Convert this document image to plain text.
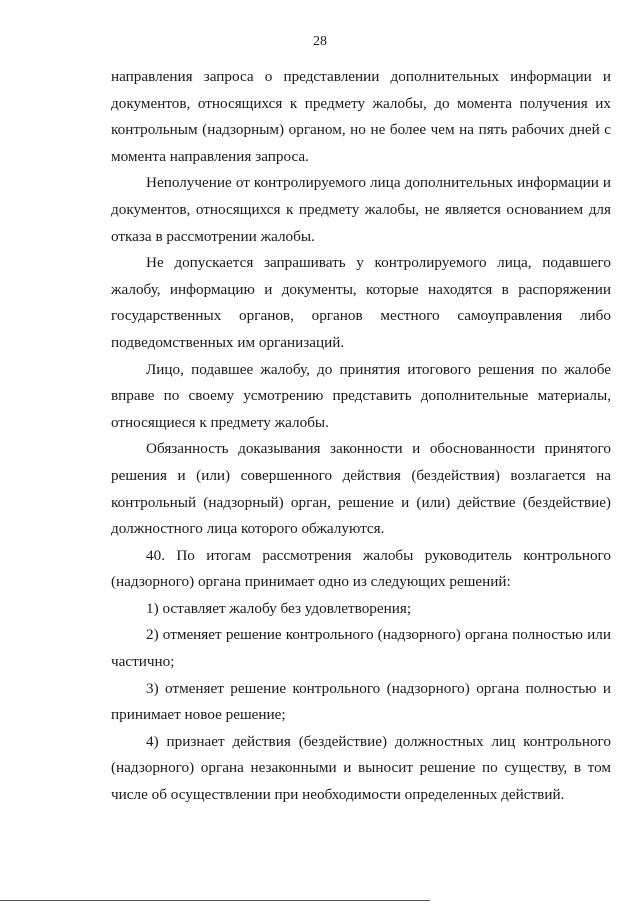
28

направления запроса о представлении дополнительных информации и документов, относящихся к предмету жалобы, до момента получения их контрольным (надзорным) органом, но не более чем на пять рабочих дней с момента направления запроса.

Неполучение от контролируемого лица дополнительных информации и документов, относящихся к предмету жалобы, не является основанием для отказа в рассмотрении жалобы.

Не допускается запрашивать у контролируемого лица, подавшего жалобу, информацию и документы, которые находятся в распоряжении государственных органов, органов местного самоуправления либо подведомственных им организаций.

Лицо, подавшее жалобу, до принятия итогового решения по жалобе вправе по своему усмотрению представить дополнительные материалы, относящиеся к предмету жалобы.

Обязанность доказывания законности и обоснованности принятого решения и (или) совершенного действия (бездействия) возлагается на контрольный (надзорный) орган, решение и (или) действие (бездействие) должностного лица которого обжалуются.

40. По итогам рассмотрения жалобы руководитель контрольного (надзорного) органа принимает одно из следующих решений:

1) оставляет жалобу без удовлетворения;

2) отменяет решение контрольного (надзорного) органа полностью или частично;

3) отменяет решение контрольного (надзорного) органа полностью и принимает новое решение;

4) признает действия (бездействие) должностных лиц контрольного (надзорного) органа незаконными и выносит решение по существу, в том числе об осуществлении при необходимости определенных действий.
